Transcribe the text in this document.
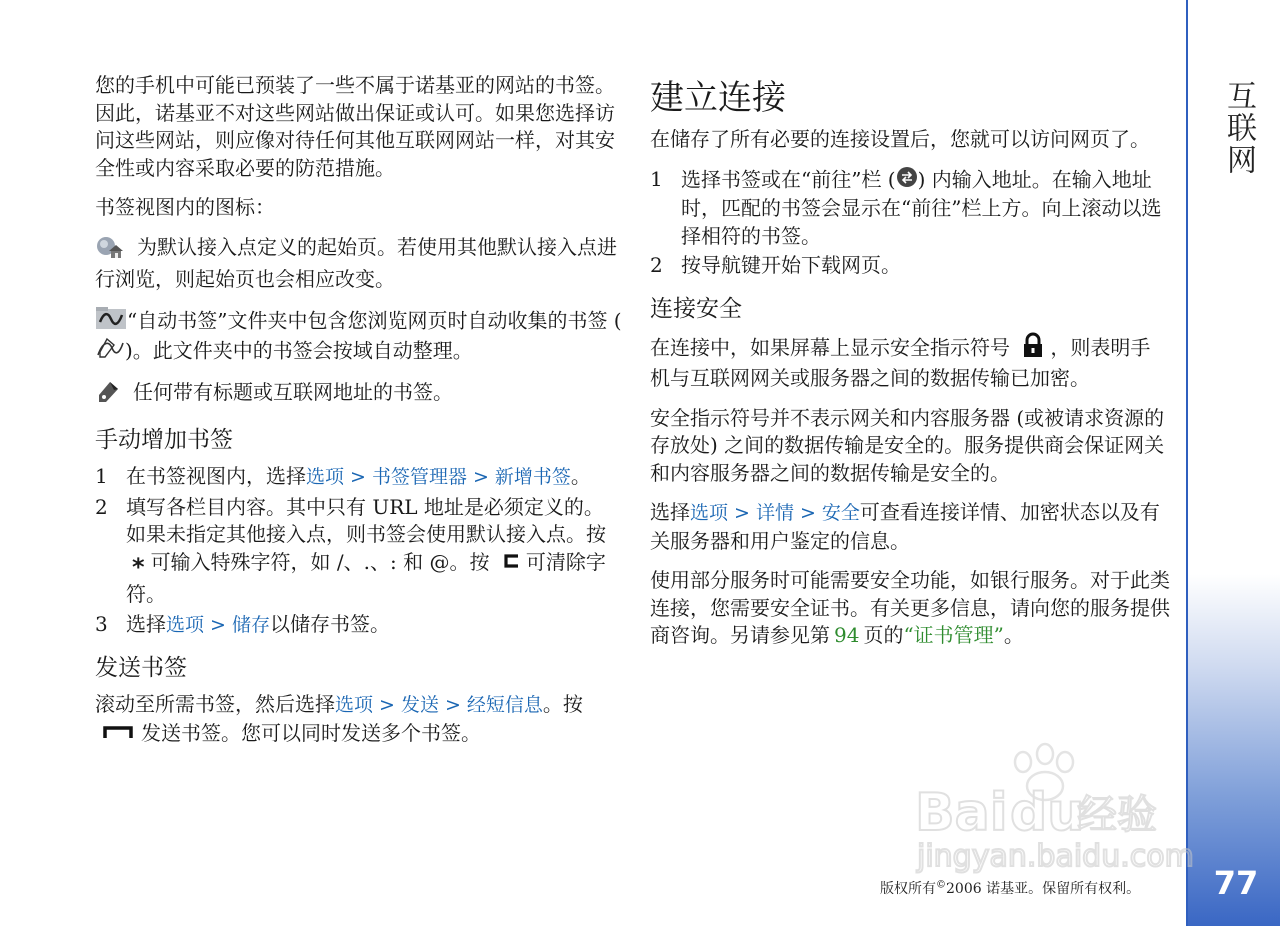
您的手机中可能已预装了一些不属于诺基亚的网站的书签。因此，诺基亚不对这些网站做出保证或认可。如果您选择访问这些网站，则应像对待任何其他互联网网站一样，对其安全性或内容采取必要的防范措施。

书签视图内的图标：

为默认接入点定义的起始页。若使用其他默认接入点进行浏览，则起始页也会相应改变。

“自动书签”文件夹中包含您浏览网页时自动收集的书签 ()。此文件夹中的书签会按域自动整理。

任何带有标题或互联网地址的书签。

手动增加书签
1 在书签视图内，选择选项 > 书签管理器 > 新增书签。
2 填写各栏目内容。其中只有 URL 地址是必须定义的。如果未指定其他接入点，则书签会使用默认接入点。按 * 可输入特殊字符，如 /、.、: 和 @。按 可清除字符。
3 选择选项 > 储存以储存书签。
发送书签

滚动至所需书签，然后选择选项 > 发送 > 经短信息。按 发送书签。您可以同时发送多个书签。

建立连接

在储存了所有必要的连接设置后，您就可以访问网页了。

1 选择书签或在“前往”栏 ( ) 内输入地址。在输入地址时，匹配的书签会显示在“前往”栏上方。向上滚动以选择相符的书签。
2 按导航键开始下载网页。
连接安全

在连接中，如果屏幕上显示安全指示符号 ，则表明手机与互联网网关或服务器之间的数据传输已加密。

安全指示符号并不表示网关和内容服务器 (或被请求资源的存放处) 之间的数据传输是安全的。服务提供商会保证网关和内容服务器之间的数据传输是安全的。

选择选项 > 详情 > 安全可查看连接详情、加密状态以及有关服务器和用户鉴定的信息。

使用部分服务时可能需要安全功能，如银行服务。对于此类连接，您需要安全证书。有关更多信息，请向您的服务提供商咨询。另请参见第 94 页的“证书管理”。

互联网
77
版权所有©2006 诺基亚。保留所有权利。
Bai du
经验
jingyan.baidu.com
